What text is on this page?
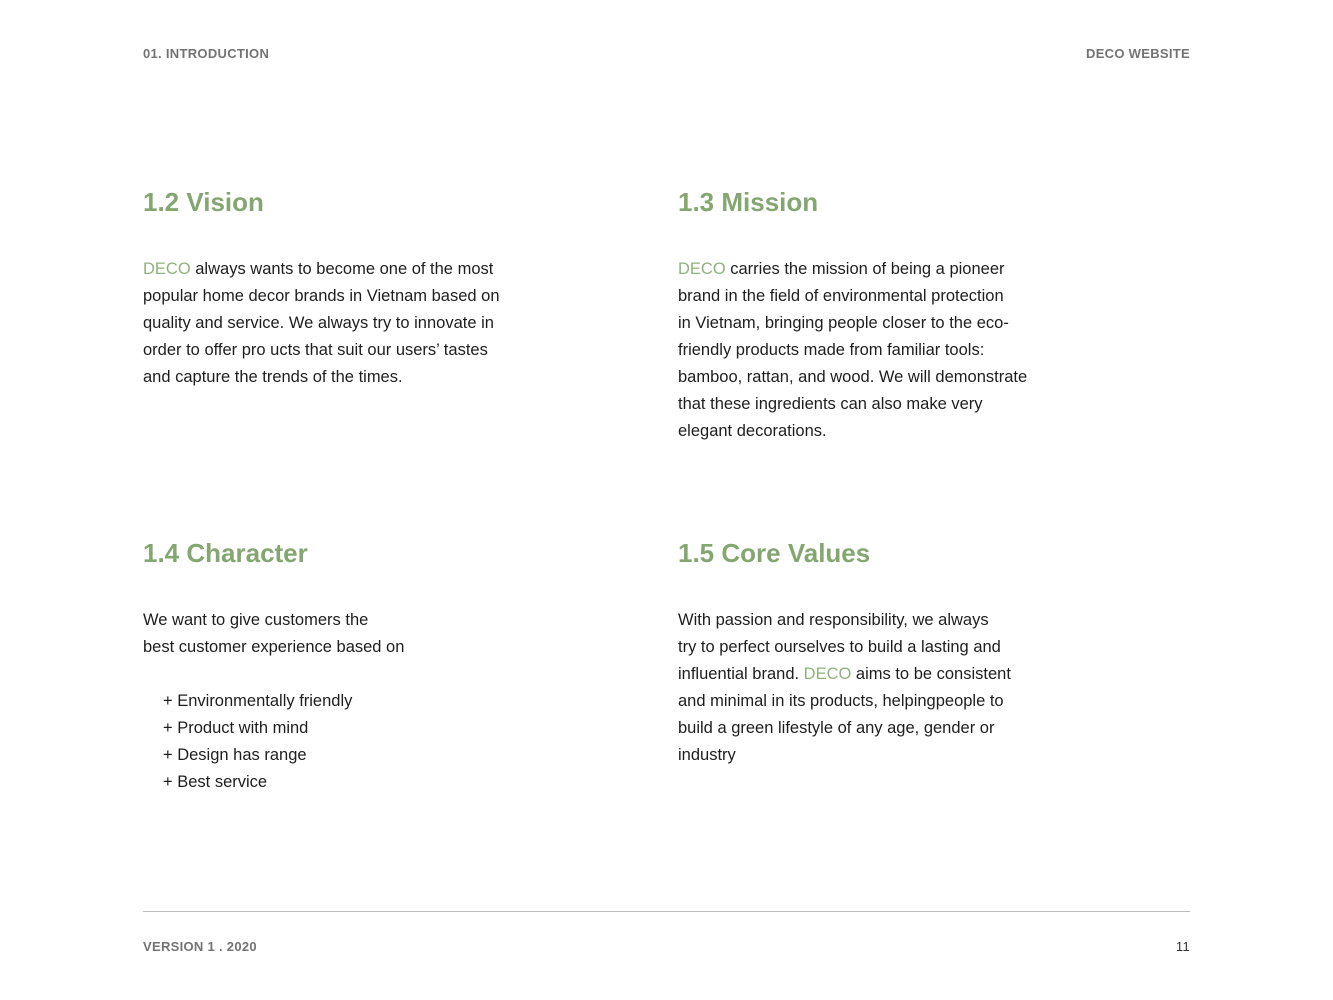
01. INTRODUCTION	DECO WEBSITE
1.2 Vision
DECO always wants to become one of the most
popular home decor brands in Vietnam based on
quality and service. We always try to innovate in
order to offer pro ucts that suit our users’ tastes
and capture the trends of the times.
1.3 Mission
DECO carries the mission of being a pioneer
brand in the field of environmental protection
in Vietnam, bringing people closer to the eco-
friendly products made from familiar tools:
bamboo, rattan, and wood. We will demonstrate
that these ingredients can also make very
elegant decorations.
1.4 Character
We want to give customers the
best customer experience based on
+ Environmentally friendly
+ Product with mind
+ Design has range
+ Best service
1.5 Core Values
With passion and responsibility, we always
try to perfect ourselves to build a lasting and
influential brand. DECO aims to be consistent
and minimal in its products, helpingpeople to
build a green lifestyle of any age, gender or
industry
VERSION 1 . 2020	11
